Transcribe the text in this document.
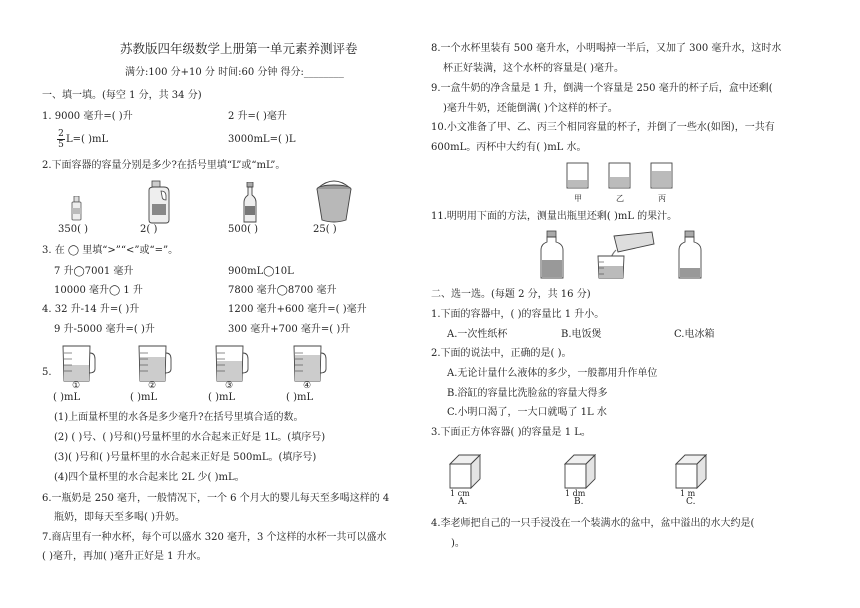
苏教版四年级数学上册第一单元素养测评卷
满分:100 分+10 分 时间:60 分钟 得分:________
一、填一填。(每空 1 分，共 34 分)
1. 9000 毫升=( )升	2 升=( )毫升
2
5 L=( )mL	3000mL=( )L
2.下面容器的容量分别是多少?在括号里填“L”或“mL”。
350( )	2( )	500( )	25( )
3. 在 ◯ 里填“>”“<”或“=”。
7 升◯7001 毫升	900mL◯10L
10000 毫升◯ 1 升	7800 毫升◯8700 毫升
4. 32 升-14 升=( )升	1200 毫升+600 毫升=( )毫升
9 升-5000 毫升=( )升	300 毫升+700 毫升=( )升
5.
①	②	③	④
( )mL	( )mL	( )mL	( )mL
(1)上面量杯里的水各是多少毫升?在括号里填合适的数。
(2) ( )号、( )号和()号量杯里的水合起来正好是 1L。(填序号)
(3)( )号和( )号量杯里的水合起来正好是 500mL。(填序号)
(4)四个量杯里的水合起来比 2L 少( )mL。
6.一瓶奶是 250 毫升，一般情况下，一个 6 个月大的婴儿每天至多喝这样的 4
瓶奶，即每天至多喝( )升奶。
7.商店里有一种水杯，每个可以盛水 320 毫升，3 个这样的水杯一共可以盛水
( )毫升，再加( )毫升正好是 1 升水。
8.一个水杯里装有 500 毫升水，小明喝掉一半后，又加了 300 毫升水，这时水
杯正好装满，这个水杯的容量是( )毫升。
9.一盒牛奶的净含量是 1 升，倒满一个容量是 250 毫升的杯子后，盒中还剩(
)毫升牛奶，还能倒满( )个这样的杯子。
10.小文准备了甲、乙、丙三个相同容量的杯子，并倒了一些水(如图)，一共有
600mL。丙杯中大约有( )mL 水。
甲	乙	丙
11.明明用下面的方法，测量出瓶里还剩( )mL 的果汁。
二、选一选。(每题 2 分，共 16 分)
1.下面的容器中，( )的容量比 1 升小。
A.一次性纸杯	B.电饭煲	C.电冰箱
2.下面的说法中，正确的是( )。
A.无论计量什么液体的多少，一般都用升作单位
B.浴缸的容量比洗脸盆的容量大得多
C.小明口渴了，一大口就喝了 1L 水
3.下面正方体容器( )的容量是 1 L。
1 cm	1 dm	1 m
A.	B.	C.
4.李老师把自己的一只手浸没在一个装满水的盆中，盆中溢出的水大约是(
)。
